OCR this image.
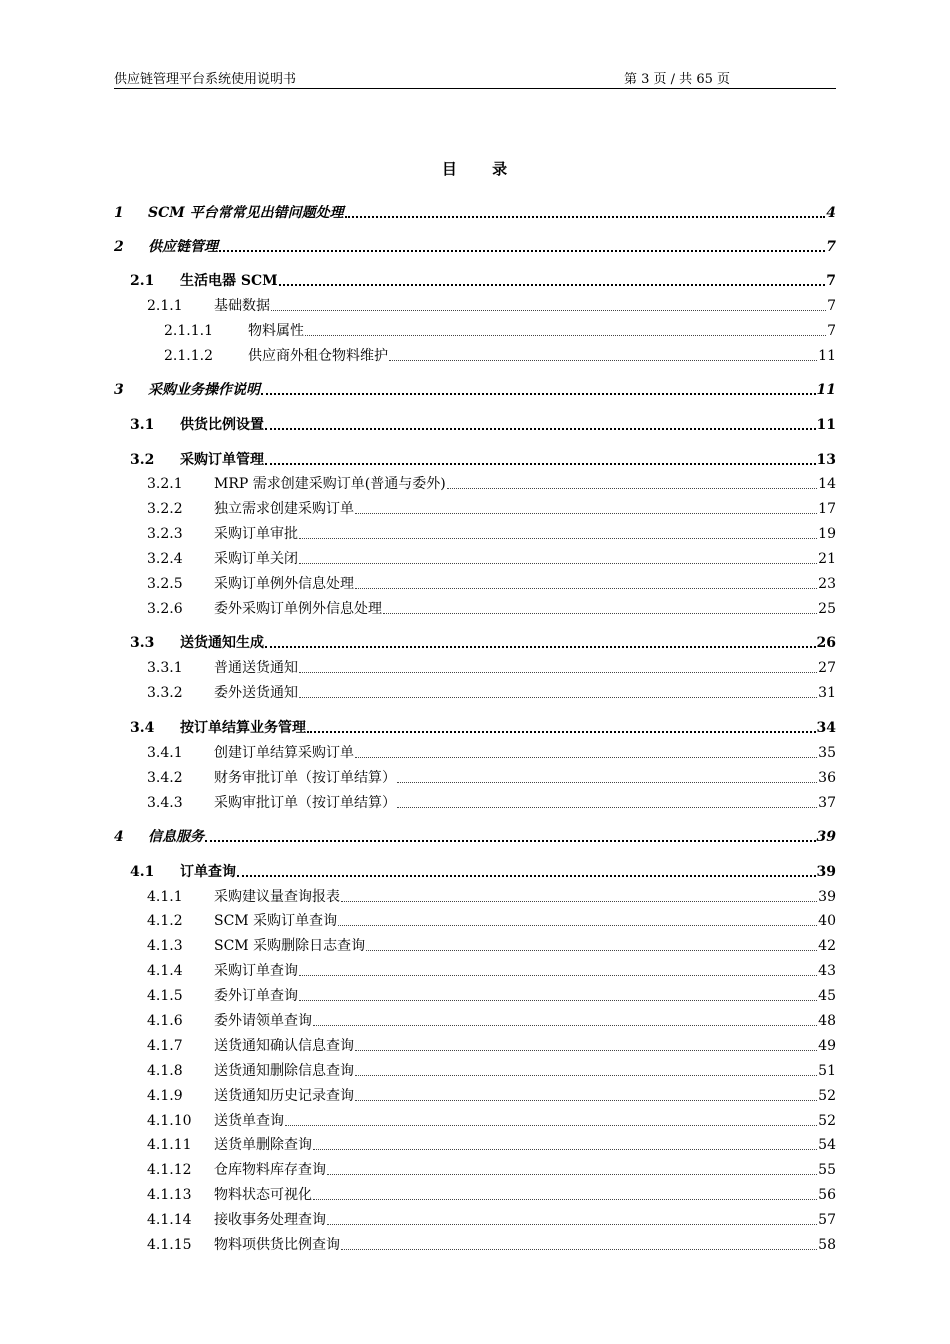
供应链管理平台系统使用说明书	第 3 页 / 共 65 页
目 录
1	SCM 平台常常见出错问题处理	4
2	供应链管理	7
2.1	生活电器 SCM	7
2.1.1	基础数据	7
2.1.1.1	物料属性	7
2.1.1.2	供应商外租仓物料维护	11
3	采购业务操作说明	11
3.1	供货比例设置	11
3.2	采购订单管理	13
3.2.1	MRP 需求创建采购订单(普通与委外)	14
3.2.2	独立需求创建采购订单	17
3.2.3	采购订单审批	19
3.2.4	采购订单关闭	21
3.2.5	采购订单例外信息处理	23
3.2.6	委外采购订单例外信息处理	25
3.3	送货通知生成	26
3.3.1	普通送货通知	27
3.3.2	委外送货通知	31
3.4	按订单结算业务管理	34
3.4.1	创建订单结算采购订单	35
3.4.2	财务审批订单（按订单结算）	36
3.4.3	采购审批订单（按订单结算）	37
4	信息服务	39
4.1	订单查询	39
4.1.1	采购建议量查询报表	39
4.1.2	SCM 采购订单查询	40
4.1.3	SCM 采购删除日志查询	42
4.1.4	采购订单查询	43
4.1.5	委外订单查询	45
4.1.6	委外请领单查询	48
4.1.7	送货通知确认信息查询	49
4.1.8	送货通知删除信息查询	51
4.1.9	送货通知历史记录查询	52
4.1.10	送货单查询	52
4.1.11	送货单删除查询	54
4.1.12	仓库物料库存查询	55
4.1.13	物料状态可视化	56
4.1.14	接收事务处理查询	57
4.1.15	物料项供货比例查询	58
